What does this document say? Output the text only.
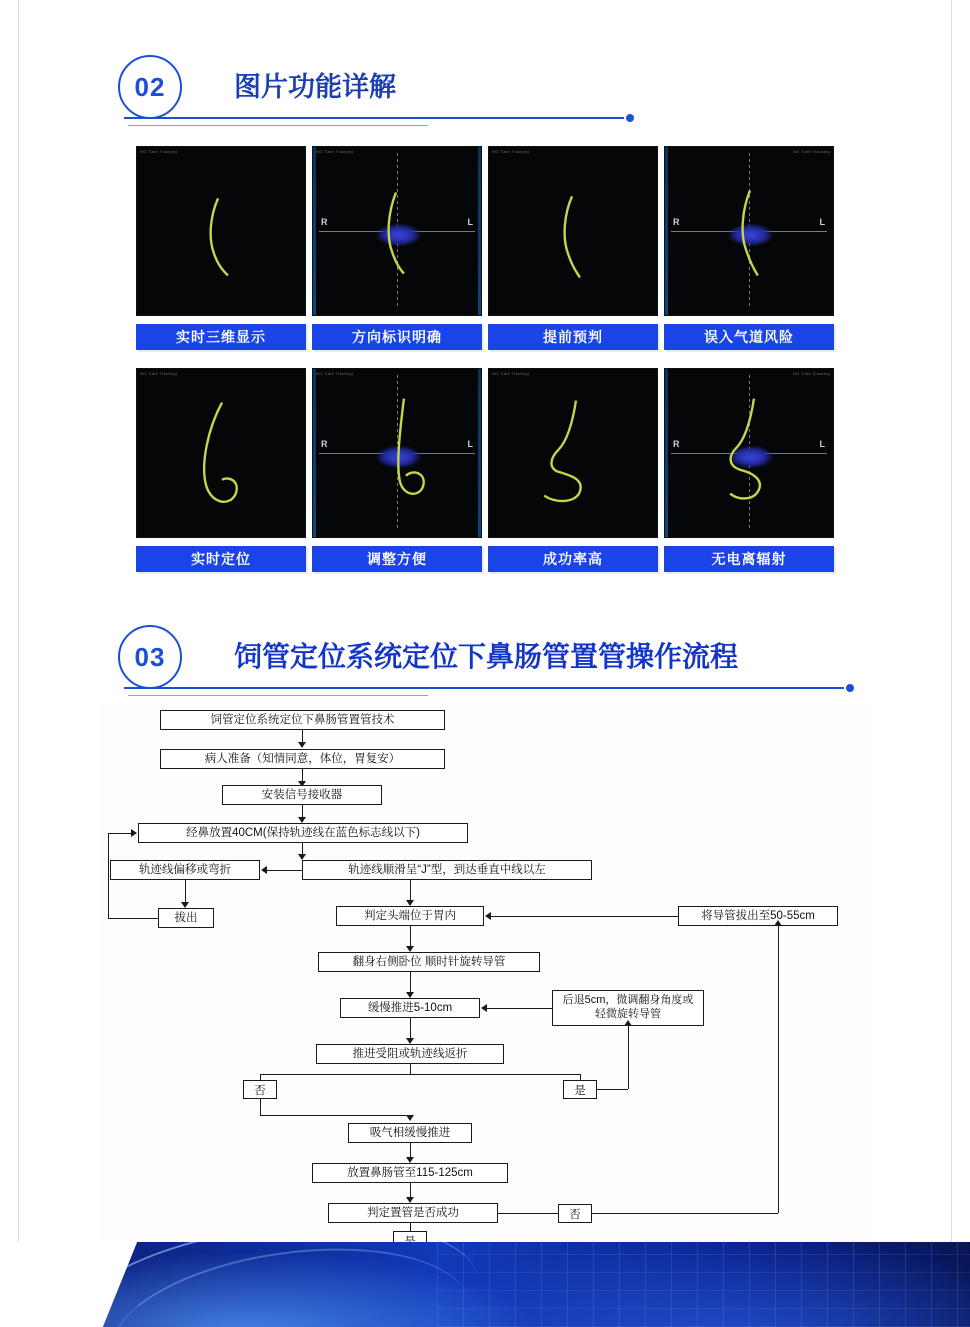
02	图片功能详解
NG Tube Tracking
实时三维显示
NG Tube Tracking
R	L
方向标识明确
NG Tube Tracking
提前预判
NG Tube Tracking
R	L
误入气道风险
NG Tube Tracking
实时定位
NG Tube Tracking
R	L
调整方便
NG Tube Tracking
成功率高
NG Tube Tracking
R	L
无电离辐射
03 饲管定位系统定位下鼻肠管置管操作流程
饲管定位系统定位下鼻肠管置管技术
病人准备（知情同意，体位，胃复安）
安装信号接收器
经鼻放置40CM(保持轨迹线在蓝色标志线以下)
轨迹线顺滑呈“J”型，到达垂直中线以左
轨迹线偏移或弯折
拔出	判定头端位于胃内	将导管拔出至50-55cm
翻身右侧卧位 顺时针旋转导管
缓慢推进5-10cm
后退5cm，微调翻身角度或轻微旋转导管
推进受阻或轨迹线返折
否	是
吸气相缓慢推进
放置鼻肠管至115-125cm
判定置管是否成功	否
